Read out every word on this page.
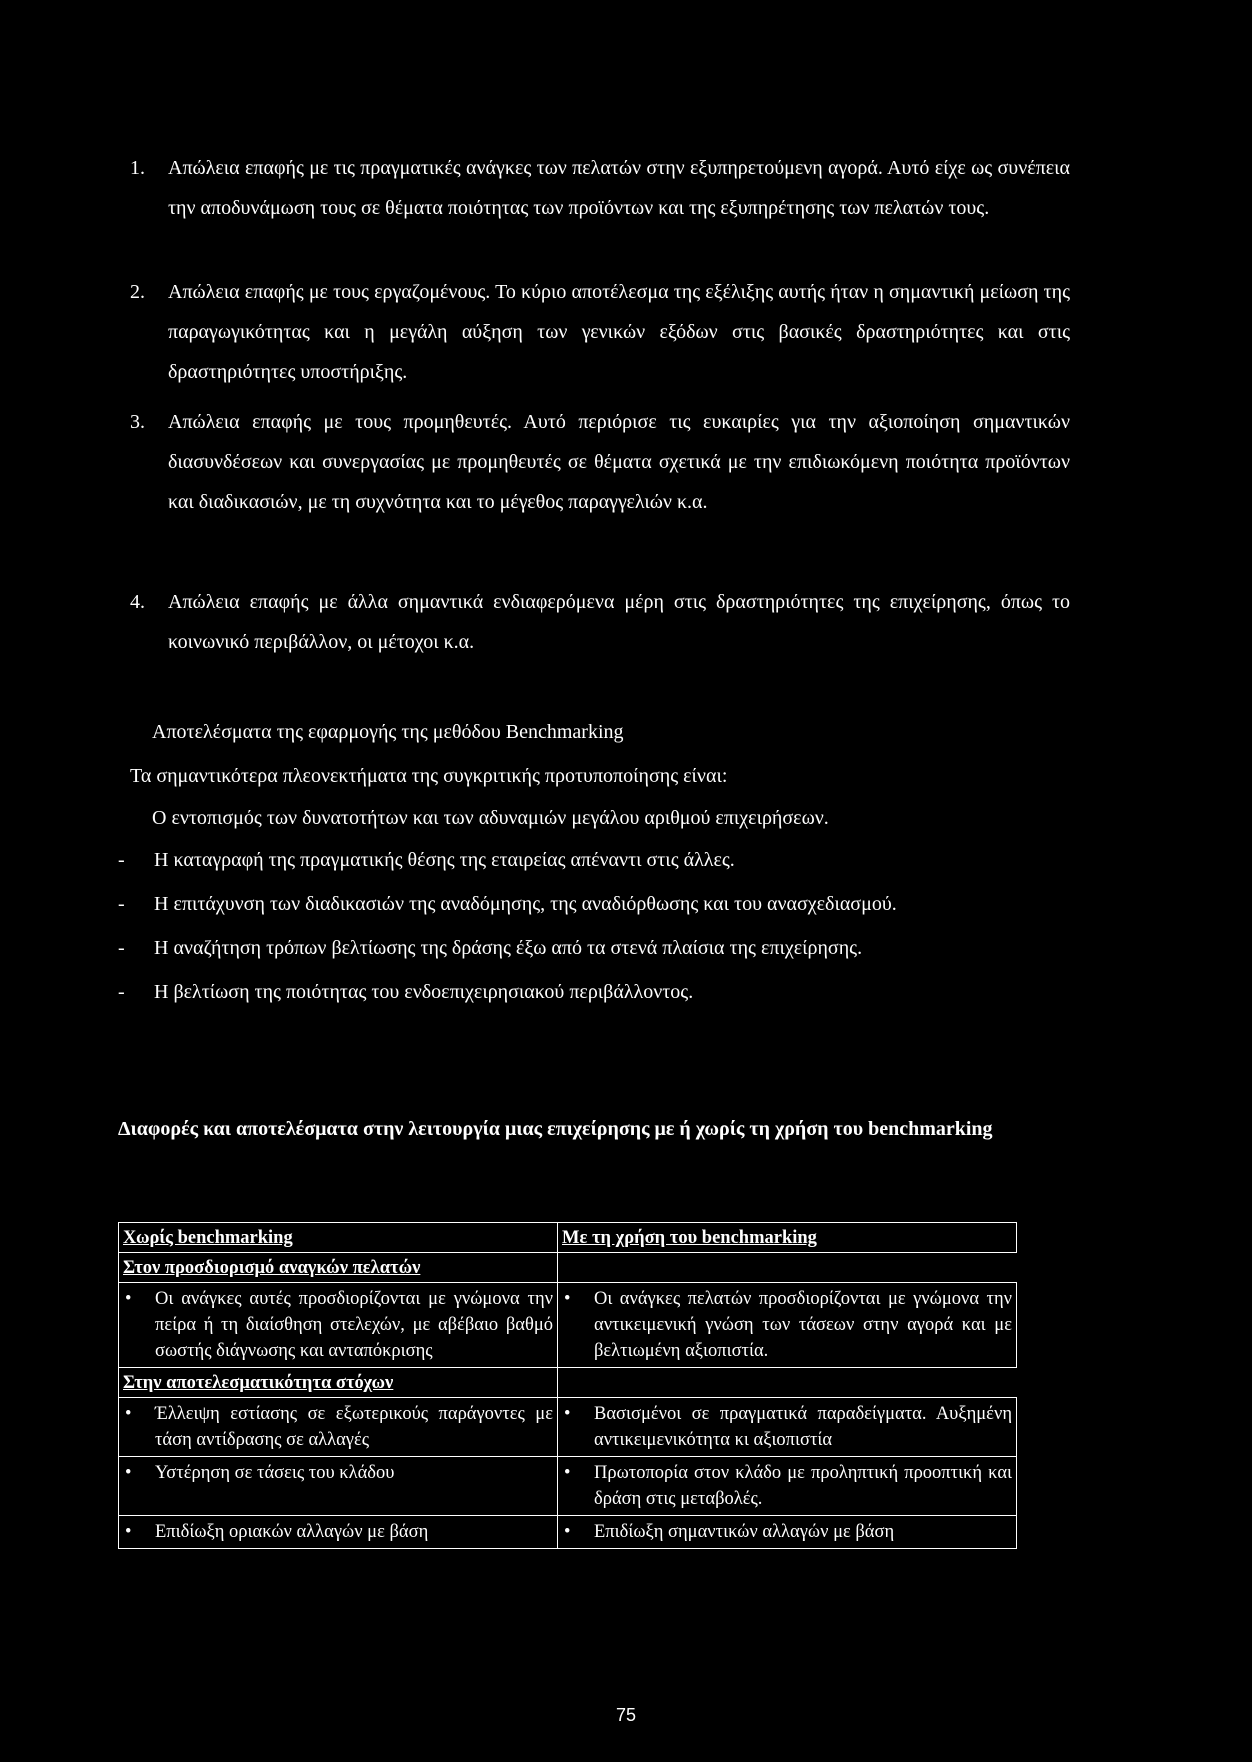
1.	Απώλεια επαφής με τις πραγματικές ανάγκες των πελατών στην εξυπηρετούμενη αγορά. Αυτό είχε ως συνέπεια την αποδυνάμωση τους σε θέματα ποιότητας των προϊόντων και της εξυπηρέτησης των πελατών τους.
2.	Απώλεια επαφής με τους εργαζομένους. Το κύριο αποτέλεσμα της εξέλιξης αυτής ήταν η σημαντική μείωση της παραγωγικότητας και η μεγάλη αύξηση των γενικών εξόδων στις βασικές δραστηριότητες και στις δραστηριότητες υποστήριξης.
3.	Απώλεια επαφής με τους προμηθευτές. Αυτό περιόρισε τις ευκαιρίες για την αξιοποίηση σημαντικών διασυνδέσεων και συνεργασίας με προμηθευτές σε θέματα σχετικά με την επιδιωκόμενη ποιότητα προϊόντων και διαδικασιών, με τη συχνότητα και το μέγεθος παραγγελιών κ.α.
4.	Απώλεια επαφής με άλλα σημαντικά ενδιαφερόμενα μέρη στις δραστηριότητες της επιχείρησης, όπως το κοινωνικό περιβάλλον, οι μέτοχοι κ.α.
Αποτελέσματα της εφαρμογής της μεθόδου Benchmarking
Τα σημαντικότερα πλεονεκτήματα της συγκριτικής προτυποποίησης είναι:
Ο εντοπισμός των δυνατοτήτων και των αδυναμιών μεγάλου αριθμού επιχειρήσεων.
-	Η καταγραφή της πραγματικής θέσης της εταιρείας απέναντι στις άλλες.
-	Η επιτάχυνση των διαδικασιών της αναδόμησης, της αναδιόρθωσης και του ανασχεδιασμού.
-	Η αναζήτηση τρόπων βελτίωσης της δράσης έξω από τα στενά πλαίσια της επιχείρησης.
-	Η βελτίωση της ποιότητας του ενδοεπιχειρησιακού περιβάλλοντος.
Διαφορές και αποτελέσματα στην λειτουργία μιας επιχείρησης με ή χωρίς τη χρήση του benchmarking
Χωρίς benchmarking	Με τη χρήση του benchmarking
Στον προσδιορισμό αναγκών πελατών	

• Οι ανάγκες αυτές προσδιορίζονται με γνώμονα την πείρα ή τη διαίσθηση στελεχών, με αβέβαιο βαθμό σωστής διάγνωσης και ανταπόκρισης	• Οι ανάγκες πελατών προσδιορίζονται με γνώμονα την αντικειμενική γνώση των τάσεων στην αγορά και με βελτιωμένη αξιοπιστία.

Στην αποτελεσματικότητα στόχων	

• Έλλειψη εστίασης σε εξωτερικούς παράγοντες με τάση αντίδρασης σε αλλαγές	• Βασισμένοι σε πραγματικά παραδείγματα. Αυξημένη αντικειμενικότητα κι αξιοπιστία

• Υστέρηση σε τάσεις του κλάδου	• Πρωτοπορία στον κλάδο με προληπτική προοπτική και δράση στις μεταβολές.

• Επιδίωξη οριακών αλλαγών με βάση	• Επιδίωξη σημαντικών αλλαγών με βάση
75
